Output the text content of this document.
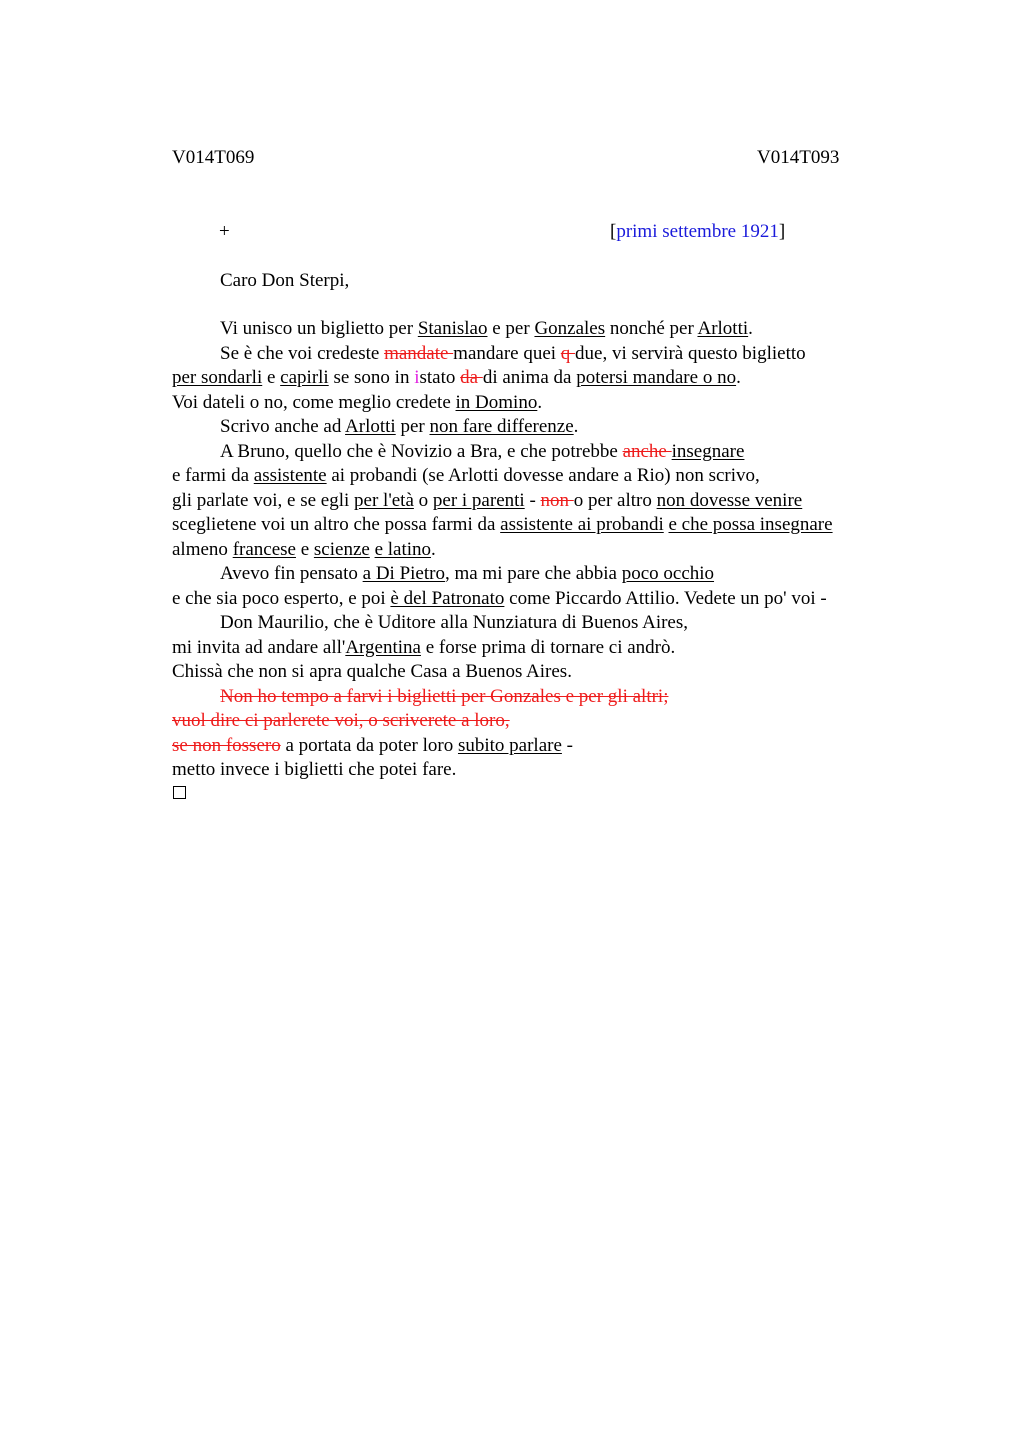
V014T069	V014T093
+	[primi settembre 1921]
Caro Don Sterpi,
Vi unisco un biglietto per Stanislao e per Gonzales nonché per Arlotti.
Se è che voi credeste mandate mandare quei q due, vi servirà questo biglietto
per sondarli e capirli se sono in istato da di anima da potersi mandare o no.
Voi dateli o no, come meglio credete in Domino.
Scrivo anche ad Arlotti per non fare differenze.
A Bruno, quello che è Novizio a Bra, e che potrebbe anche insegnare
e farmi da assistente ai probandi (se Arlotti dovesse andare a Rio) non scrivo,
gli parlate voi, e se egli per l'età o per i parenti - non o per altro non dovesse venire
sceglietene voi un altro che possa farmi da assistente ai probandi e che possa insegnare
almeno francese e scienze e latino.
Avevo fin pensato a Di Pietro, ma mi pare che abbia poco occhio
e che sia poco esperto, e poi è del Patronato come Piccardo Attilio. Vedete un po' voi -
Don Maurilio, che è Uditore alla Nunziatura di Buenos Aires,
mi invita ad andare all'Argentina e forse prima di tornare ci andrò.
Chissà che non si apra qualche Casa a Buenos Aires.
Non ho tempo a farvi i biglietti per Gonzales e per gli altri;
vuol dire ci parlerete voi, o scriverete a loro,
se non fossero a portata da poter loro subito parlare -
metto invece i biglietti che potei fare.
